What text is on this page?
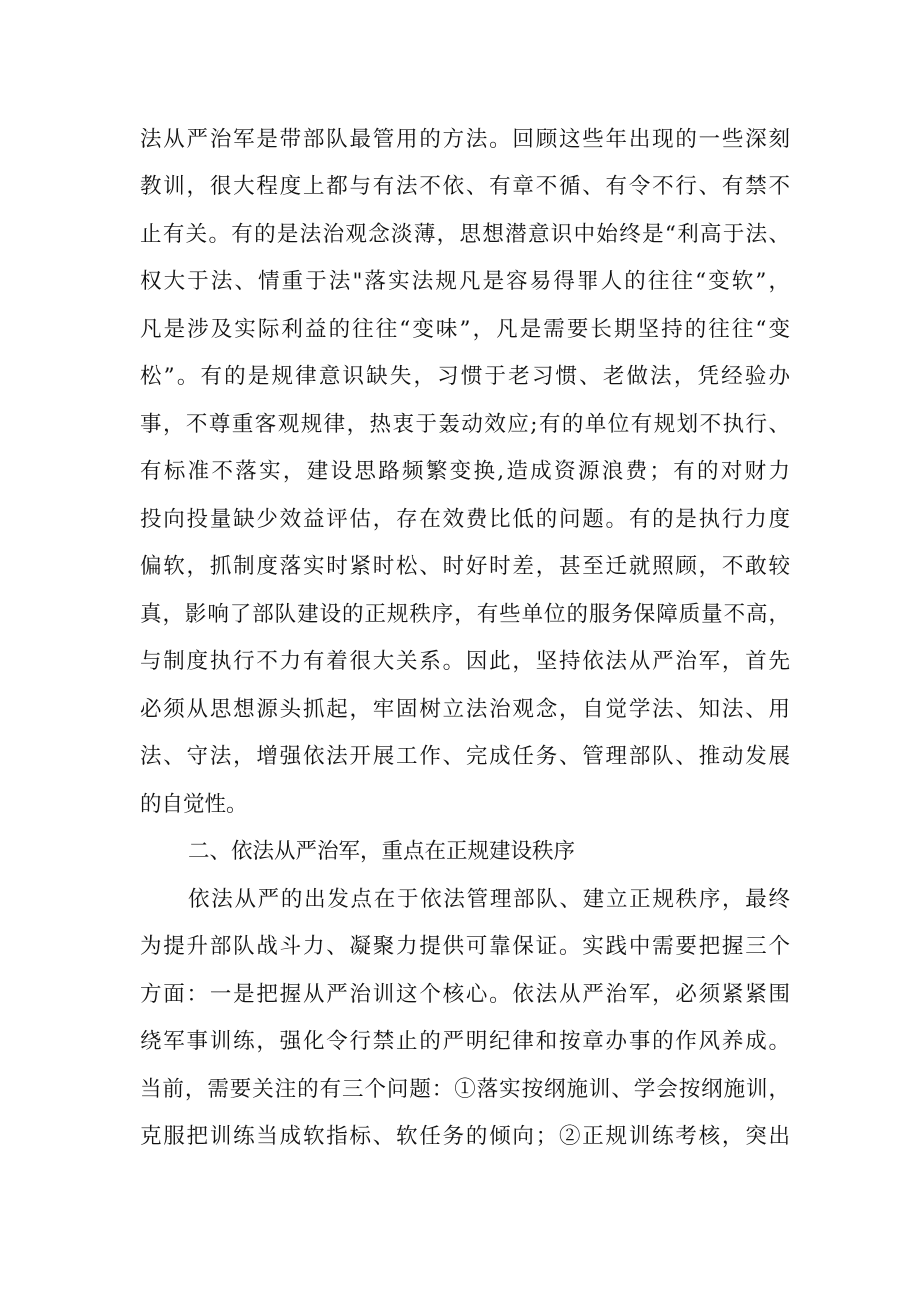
法从严治军是带部队最管用的方法。回顾这些年出现的一些深刻
教训，很大程度上都与有法不依、有章不循、有令不行、有禁不
止有关。有的是法治观念淡薄，思想潜意识中始终是“利高于法、
权大于法、情重于法"落实法规凡是容易得罪人的往往“变软”，
凡是涉及实际利益的往往“变味”，凡是需要长期坚持的往往“变
松”。有的是规律意识缺失，习惯于老习惯、老做法，凭经验办
事，不尊重客观规律，热衷于轰动效应;有的单位有规划不执行、
有标准不落实，建设思路频繁变换,造成资源浪费；有的对财力
投向投量缺少效益评估，存在效费比低的问题。有的是执行力度
偏软，抓制度落实时紧时松、时好时差，甚至迁就照顾，不敢较
真，影响了部队建设的正规秩序，有些单位的服务保障质量不高，
与制度执行不力有着很大关系。因此，坚持依法从严治军，首先
必须从思想源头抓起，牢固树立法治观念，自觉学法、知法、用
法、守法，增强依法开展工作、完成任务、管理部队、推动发展
的自觉性。
二、依法从严治军，重点在正规建设秩序
依法从严的出发点在于依法管理部队、建立正规秩序，最终
为提升部队战斗力、凝聚力提供可靠保证。实践中需要把握三个
方面：一是把握从严治训这个核心。依法从严治军，必须紧紧围
绕军事训练，强化令行禁止的严明纪律和按章办事的作风养成。
当前，需要关注的有三个问题：①落实按纲施训、学会按纲施训，
克服把训练当成软指标、软任务的倾向；②正规训练考核，突出
